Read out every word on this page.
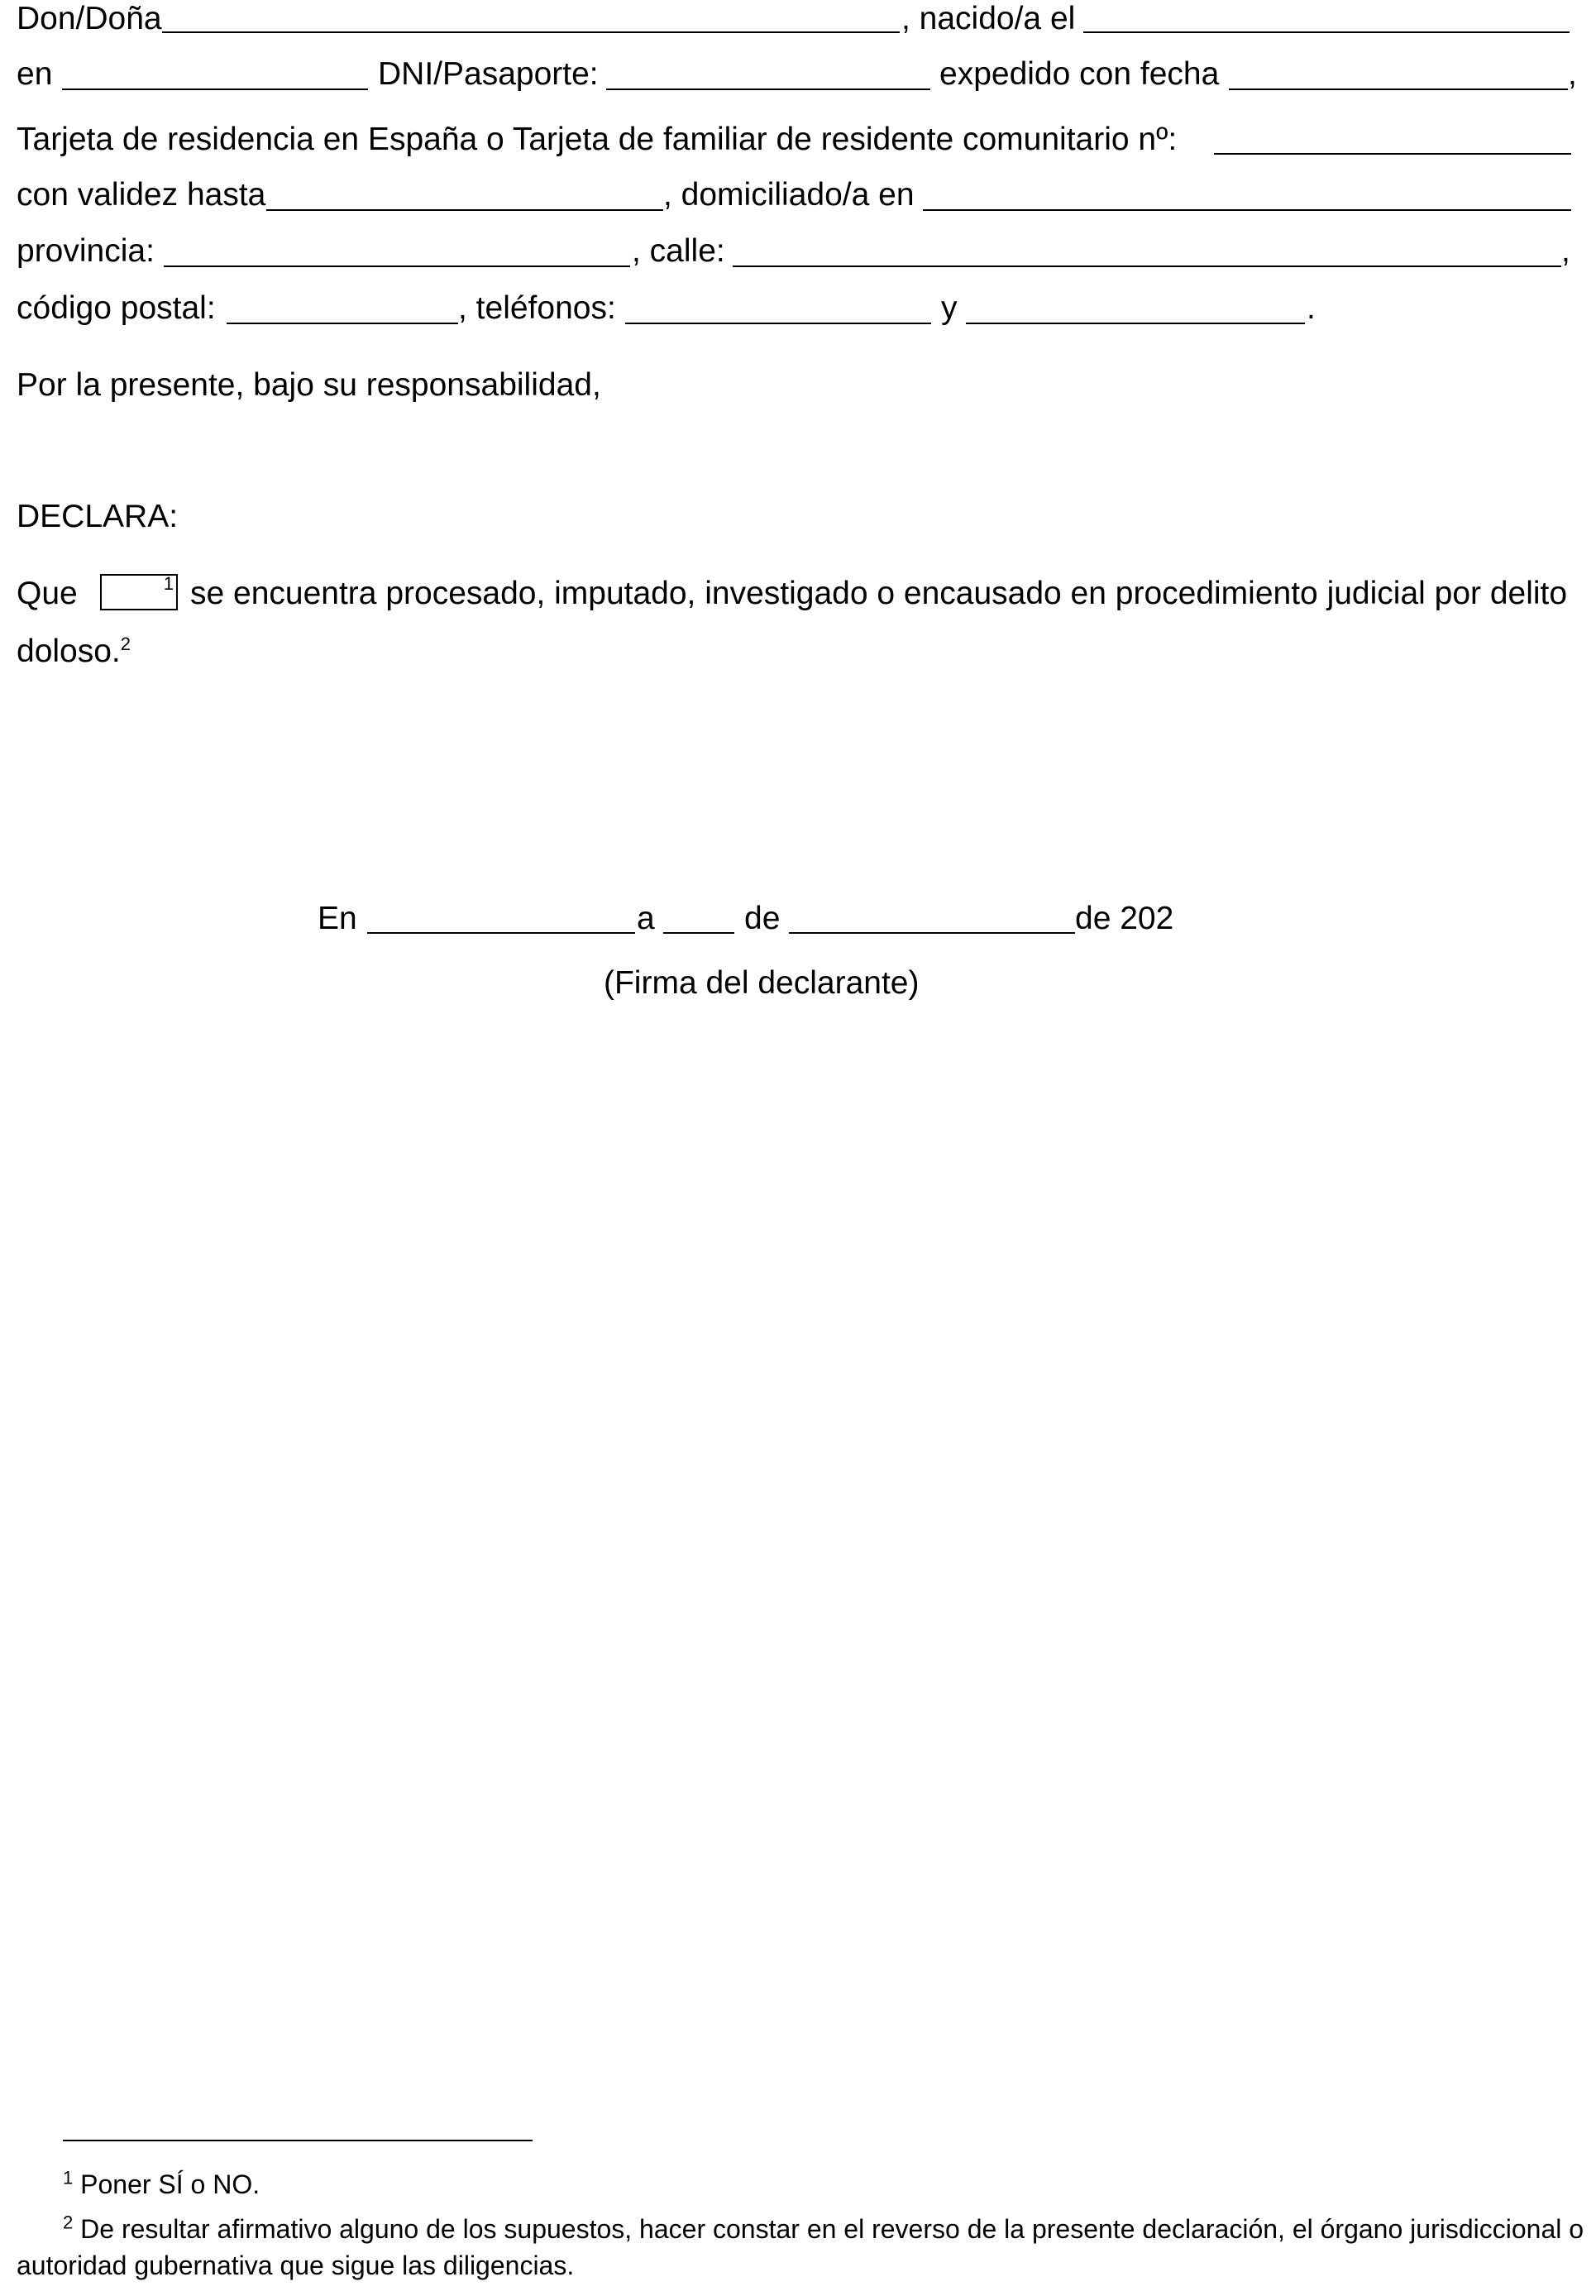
Don/Doña	, nacido/a el
en	DNI/Pasaporte:	expedido con fecha	,
Tarjeta de residencia en España o Tarjeta de familiar de residente comunitario nº:
con validez hasta	, domiciliado/a en
provincia:	, calle:	,
código postal:	, teléfonos:	y	.
Por la presente, bajo su responsabilidad,
DECLARA:
Que	1 se encuentra procesado, imputado, investigado o encausado en procedimiento judicial por delito
doloso.$^2$
En	a	de	de 202
(Firma del declarante)
$^1$ Poner SÍ o NO.
$^2$ De resultar afirmativo alguno de los supuestos, hacer constar en el reverso de la presente declaración, el órgano jurisdiccional o
autoridad gubernativa que sigue las diligencias.
